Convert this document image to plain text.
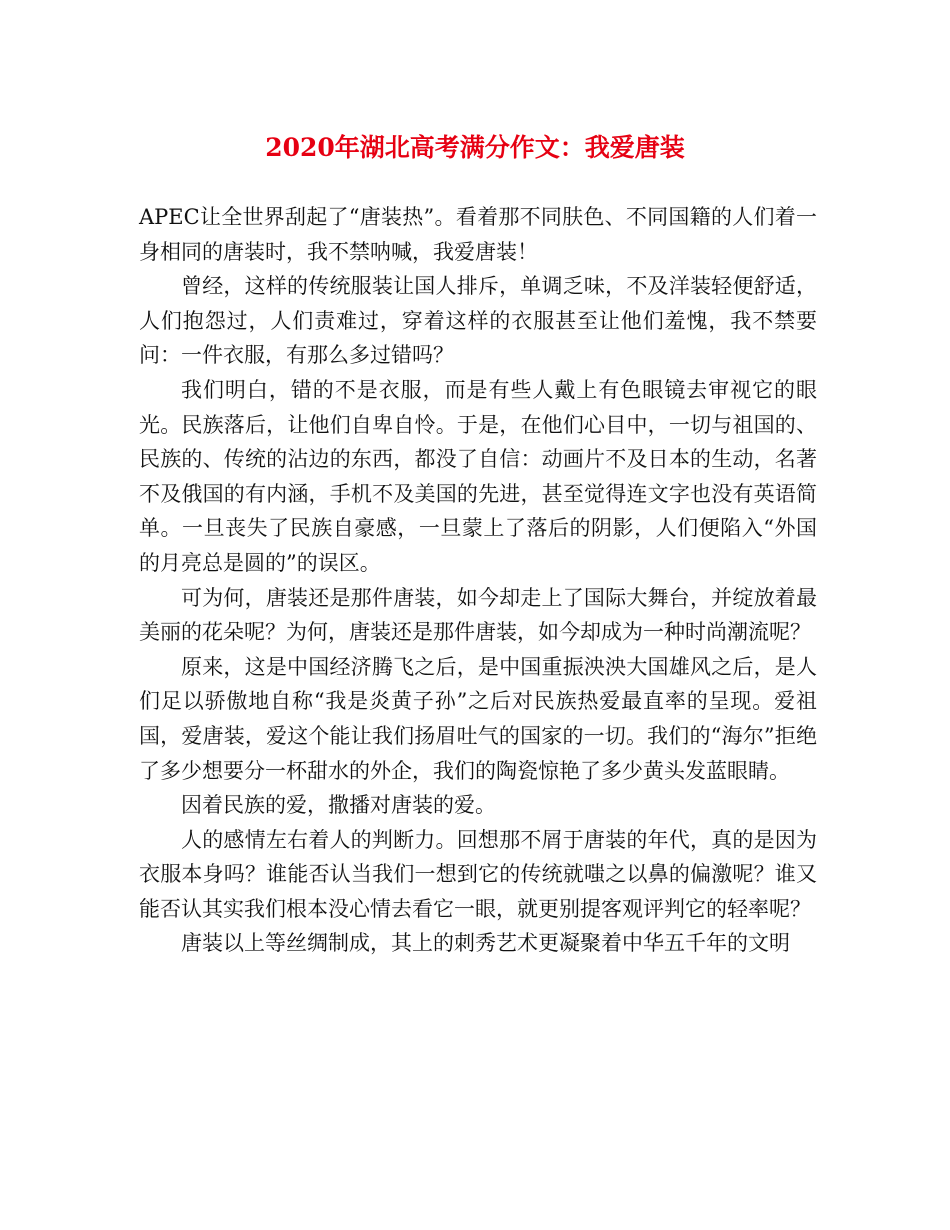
2020年湖北高考满分作文：我爱唐装

APEC让全世界刮起了“唐装热”。看着那不同肤色、不同国籍的人们着一身相同的唐装时，我不禁呐喊，我爱唐装！

曾经，这样的传统服装让国人排斥，单调乏味，不及洋装轻便舒适，人们抱怨过，人们责难过，穿着这样的衣服甚至让他们羞愧，我不禁要问：一件衣服，有那么多过错吗？

我们明白，错的不是衣服，而是有些人戴上有色眼镜去审视它的眼光。民族落后，让他们自卑自怜。于是，在他们心目中，一切与祖国的、民族的、传统的沾边的东西，都没了自信：动画片不及日本的生动，名著不及俄国的有内涵，手机不及美国的先进，甚至觉得连文字也没有英语简单。一旦丧失了民族自豪感，一旦蒙上了落后的阴影，人们便陷入“外国的月亮总是圆的”的误区。

可为何，唐装还是那件唐装，如今却走上了国际大舞台，并绽放着最美丽的花朵呢？为何，唐装还是那件唐装，如今却成为一种时尚潮流呢？

原来，这是中国经济腾飞之后，是中国重振泱泱大国雄风之后，是人们足以骄傲地自称“我是炎黄子孙”之后对民族热爱最直率的呈现。爱祖国，爱唐装，爱这个能让我们扬眉吐气的国家的一切。我们的“海尔”拒绝了多少想要分一杯甜水的外企，我们的陶瓷惊艳了多少黄头发蓝眼睛。

因着民族的爱，撒播对唐装的爱。

人的感情左右着人的判断力。回想那不屑于唐装的年代，真的是因为衣服本身吗？谁能否认当我们一想到它的传统就嗤之以鼻的偏激呢？谁又能否认其实我们根本没心情去看它一眼，就更别提客观评判它的轻率呢？

唐装以上等丝绸制成，其上的刺秀艺术更凝聚着中华五千年的文明
